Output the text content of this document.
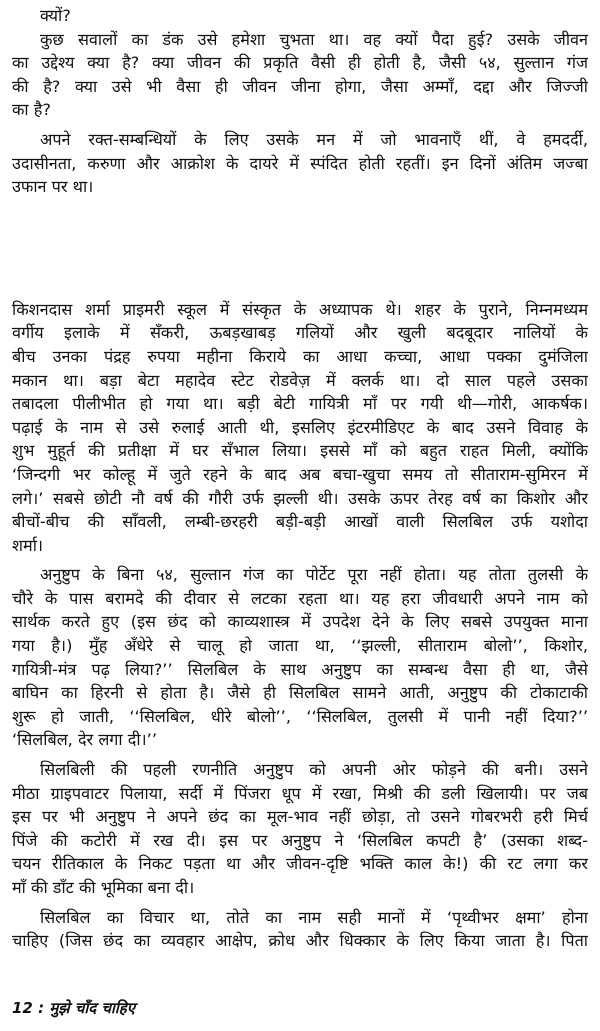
क्यों?
कुछ सवालों का डंक उसे हमेशा चुभता था। वह क्यों पैदा हुई? उसके जीवन
का उद्देश्य क्या है? क्या जीवन की प्रकृति वैसी ही होती है, जैसी ५४, सुल्तान गंज
की है? क्या उसे भी वैसा ही जीवन जीना होगा, जैसा अम्माँ, दद्दा और जिज्जी
का है?
अपने रक्त-सम्बन्धियों के लिए उसके मन में जो भावनाएँ थीं, वे हमदर्दी,
उदासीनता, करुणा और आक्रोश के दायरे में स्पंदित होती रहतीं। इन दिनों अंतिम जज्बा
उफान पर था।
किशनदास शर्मा प्राइमरी स्कूल में संस्कृत के अध्यापक थे। शहर के पुराने, निम्नमध्यम
वर्गीय इलाके में सँकरी, ऊबड़खाबड़ गलियों और खुली बदबूदार नालियों के
बीच उनका पंद्रह रुपया महीना किराये का आधा कच्चा, आधा पक्का दुमंजिला
मकान था। बड़ा बेटा महादेव स्टेट रोडवेज़ में क्लर्क था। दो साल पहले उसका
तबादला पीलीभीत हो गया था। बड़ी बेटी गायित्री माँ पर गयी थी—गोरी, आकर्षक।
पढ़ाई के नाम से उसे रुलाई आती थी, इसलिए इंटरमीडिएट के बाद उसने विवाह के
शुभ मुहूर्त की प्रतीक्षा में घर सँभाल लिया। इससे माँ को बहुत राहत मिली, क्योंकि
‘जिन्दगी भर कोल्हू में जुते रहने के बाद अब बचा-खुचा समय तो सीताराम-सुमिरन में
लगे।’ सबसे छोटी नौ वर्ष की गौरी उर्फ झल्ली थी। उसके ऊपर तेरह वर्ष का किशोर और
बीचों-बीच की साँवली, लम्बी-छरहरी बड़ी-बड़ी आखों वाली सिलबिल उर्फ यशोदा
शर्मा।
अनुष्टुप के बिना ५४, सुल्तान गंज का पोर्टेट पूरा नहीं होता। यह तोता तुलसी के
चौरे के पास बरामदे की दीवार से लटका रहता था। यह हरा जीवधारी अपने नाम को
सार्थक करते हुए (इस छंद को काव्यशास्त्र में उपदेश देने के लिए सबसे उपयुक्त माना
गया है।) मुँह अँधेरे से चालू हो जाता था, ‘‘झल्ली, सीताराम बोलो’’, किशोर,
गायित्री-मंत्र पढ़ लिया?’’ सिलबिल के साथ अनुष्टुप का सम्बन्ध वैसा ही था, जैसे
बाघिन का हिरनी से होता है। जैसे ही सिलबिल सामने आती, अनुष्टुप की टोकाटाकी
शुरू हो जाती, ‘‘सिलबिल, धीरे बोलो’’, ‘‘सिलबिल, तुलसी में पानी नहीं दिया?’’
‘सिलबिल, देर लगा दी।’’
सिलबिली की पहली रणनीति अनुष्टुप को अपनी ओर फोड़ने की बनी। उसने
मीठा ग्राइपवाटर पिलाया, सर्दी में पिंजरा धूप में रखा, मिश्री की डली खिलायी। पर जब
इस पर भी अनुष्टुप ने अपने छंद का मूल-भाव नहीं छोड़ा, तो उसने गोबरभरी हरी मिर्च
पिंजे की कटोरी में रख दी। इस पर अनुष्टुप ने ‘सिलबिल कपटी है’ (उसका शब्द-
चयन रीतिकाल के निकट पड़ता था और जीवन-दृष्टि भक्ति काल के!) की रट लगा कर
माँ की डाँट की भूमिका बना दी।
सिलबिल का विचार था, तोते का नाम सही मानों में ‘पृथ्वीभर क्षमा’ होना
चाहिए (जिस छंद का व्यवहार आक्षेप, क्रोध और धिक्कार के लिए किया जाता है। पिता
12 : मुझे चाँद चाहिए
